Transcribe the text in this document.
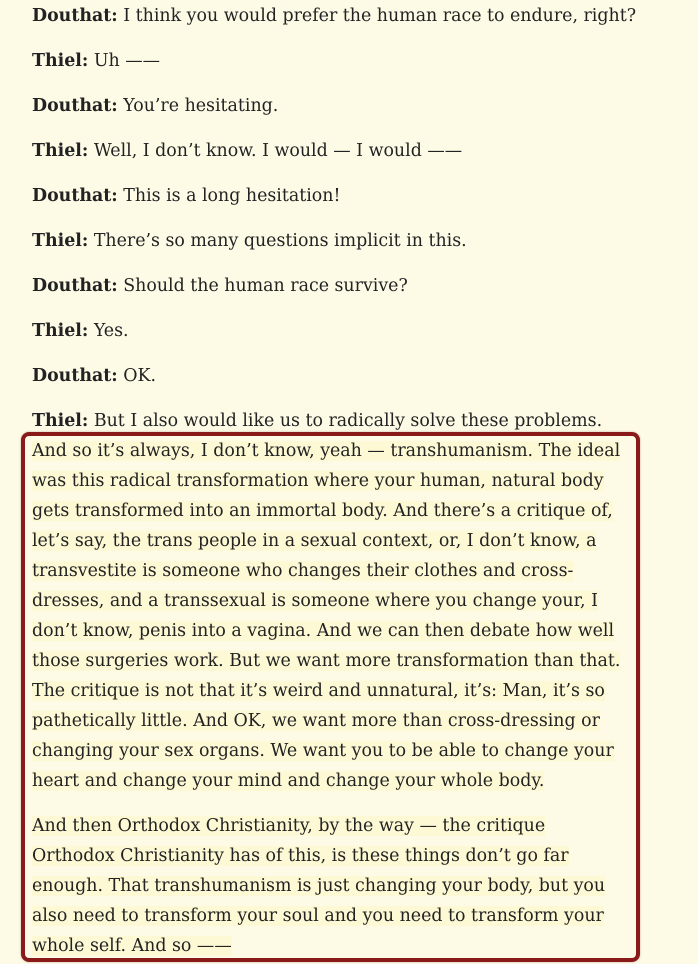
Douthat: I think you would prefer the human race to endure, right?
Thiel: Uh ——
Douthat: You’re hesitating.
Thiel: Well, I don’t know. I would — I would ——
Douthat: This is a long hesitation!
Thiel: There’s so many questions implicit in this.
Douthat: Should the human race survive?
Thiel: Yes.
Douthat: OK.
Thiel: But I also would like us to radically solve these problems.
And so it’s always, I don’t know, yeah — transhumanism. The ideal
was this radical transformation where your human, natural body
gets transformed into an immortal body. And there’s a critique of,
let’s say, the trans people in a sexual context, or, I don’t know, a
transvestite is someone who changes their clothes and cross-
dresses, and a transsexual is someone where you change your, I
don’t know, penis into a vagina. And we can then debate how well
those surgeries work. But we want more transformation than that.
The critique is not that it’s weird and unnatural, it’s: Man, it’s so
pathetically little. And OK, we want more than cross-dressing or
changing your sex organs. We want you to be able to change your
heart and change your mind and change your whole body.
And then Orthodox Christianity, by the way — the critique
Orthodox Christianity has of this, is these things don’t go far
enough. That transhumanism is just changing your body, but you
also need to transform your soul and you need to transform your
whole self. And so ——
